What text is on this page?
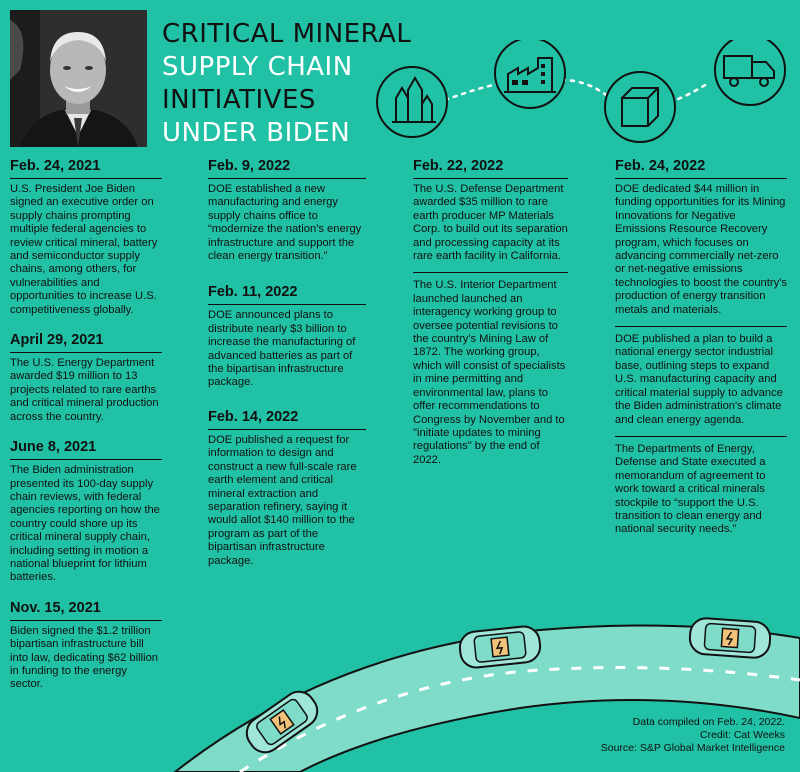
CRITICAL MINERAL
SUPPLY CHAIN
INITIATIVES
UNDER BIDEN
Feb. 24, 2021

U.S. President Joe Biden signed an executive order on supply chains prompting multiple federal agencies to review critical mineral, battery and semiconductor supply chains, among others, for vulnerabilities and opportunities to increase U.S. competitiveness globally.

April 29, 2021

The U.S. Energy Department awarded $19 million to 13 projects related to rare earths and critical mineral production across the country.

June 8, 2021

The Biden administration presented its 100-day supply chain reviews, with federal agencies reporting on how the country could shore up its critical mineral supply chain, including setting in motion a national blueprint for lithium batteries.

Nov. 15, 2021

Biden signed the $1.2 trillion bipartisan infrastructure bill into law, dedicating $62 billion in funding to the energy sector.

Feb. 9, 2022

DOE established a new manufacturing and energy supply chains office to “modernize the nation's energy infrastructure and support the clean energy transition.”

Feb. 11, 2022

DOE announced plans to distribute nearly $3 billion to increase the manufacturing of advanced batteries as part of the bipartisan infrastructure package.

Feb. 14, 2022

DOE published a request for information to design and construct a new full-scale rare earth element and critical mineral extraction and separation refinery, saying it would allot $140 million to the program as part of the bipartisan infrastructure package.

Feb. 22, 2022

The U.S. Defense Department awarded $35 million to rare earth producer MP Materials Corp. to build out its separation and processing capacity at its rare earth facility in California.

The U.S. Interior Department launched launched an interagency working group to oversee potential revisions to the country's Mining Law of 1872. The working group, which will consist of specialists in mine permitting and environmental law, plans to offer recommendations to Congress by November and to "initiate updates to mining regulations" by the end of 2022.

Feb. 24, 2022

DOE dedicated $44 million in funding opportunities for its Mining Innovations for Negative Emissions Resource Recovery program, which focuses on advancing commercially net-zero or net-negative emissions technologies to boost the country's production of energy transition metals and materials.

DOE published a plan to build a national energy sector industrial base, outlining steps to expand U.S. manufacturing capacity and critical material supply to advance the Biden administration's climate and clean energy agenda.

The Departments of Energy, Defense and State executed a memorandum of agreement to work toward a critical minerals stockpile to “support the U.S. transition to clean energy and national security needs.”

Data compiled on Feb. 24, 2022.
Credit: Cat Weeks
Source: S&P Global Market Intelligence
